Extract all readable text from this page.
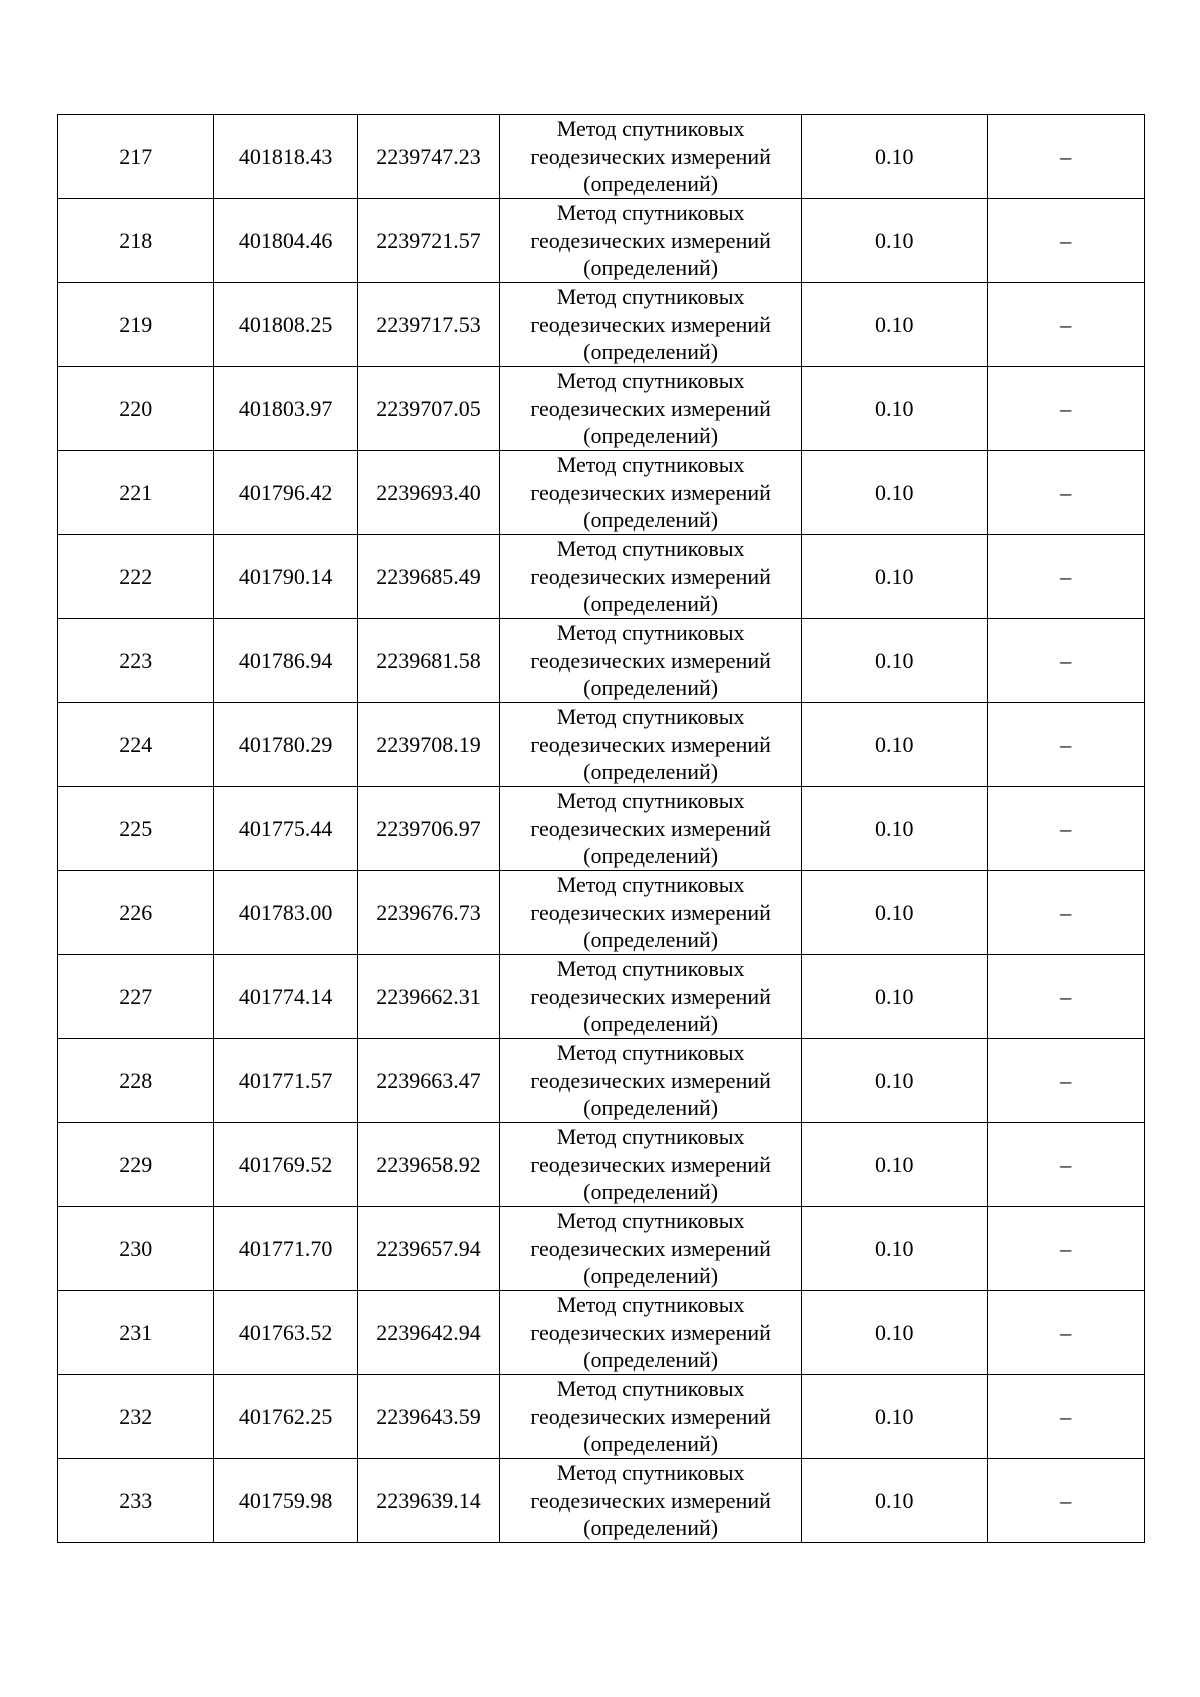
217	401818.43	2239747.23	Метод спутниковых
геодезических измерений
(определений)	0.10	–
218	401804.46	2239721.57	Метод спутниковых
геодезических измерений
(определений)	0.10	–
219	401808.25	2239717.53	Метод спутниковых
геодезических измерений
(определений)	0.10	–
220	401803.97	2239707.05	Метод спутниковых
геодезических измерений
(определений)	0.10	–
221	401796.42	2239693.40	Метод спутниковых
геодезических измерений
(определений)	0.10	–
222	401790.14	2239685.49	Метод спутниковых
геодезических измерений
(определений)	0.10	–
223	401786.94	2239681.58	Метод спутниковых
геодезических измерений
(определений)	0.10	–
224	401780.29	2239708.19	Метод спутниковых
геодезических измерений
(определений)	0.10	–
225	401775.44	2239706.97	Метод спутниковых
геодезических измерений
(определений)	0.10	–
226	401783.00	2239676.73	Метод спутниковых
геодезических измерений
(определений)	0.10	–
227	401774.14	2239662.31	Метод спутниковых
геодезических измерений
(определений)	0.10	–
228	401771.57	2239663.47	Метод спутниковых
геодезических измерений
(определений)	0.10	–
229	401769.52	2239658.92	Метод спутниковых
геодезических измерений
(определений)	0.10	–
230	401771.70	2239657.94	Метод спутниковых
геодезических измерений
(определений)	0.10	–
231	401763.52	2239642.94	Метод спутниковых
геодезических измерений
(определений)	0.10	–
232	401762.25	2239643.59	Метод спутниковых
геодезических измерений
(определений)	0.10	–
233	401759.98	2239639.14	Метод спутниковых
геодезических измерений
(определений)	0.10	–
